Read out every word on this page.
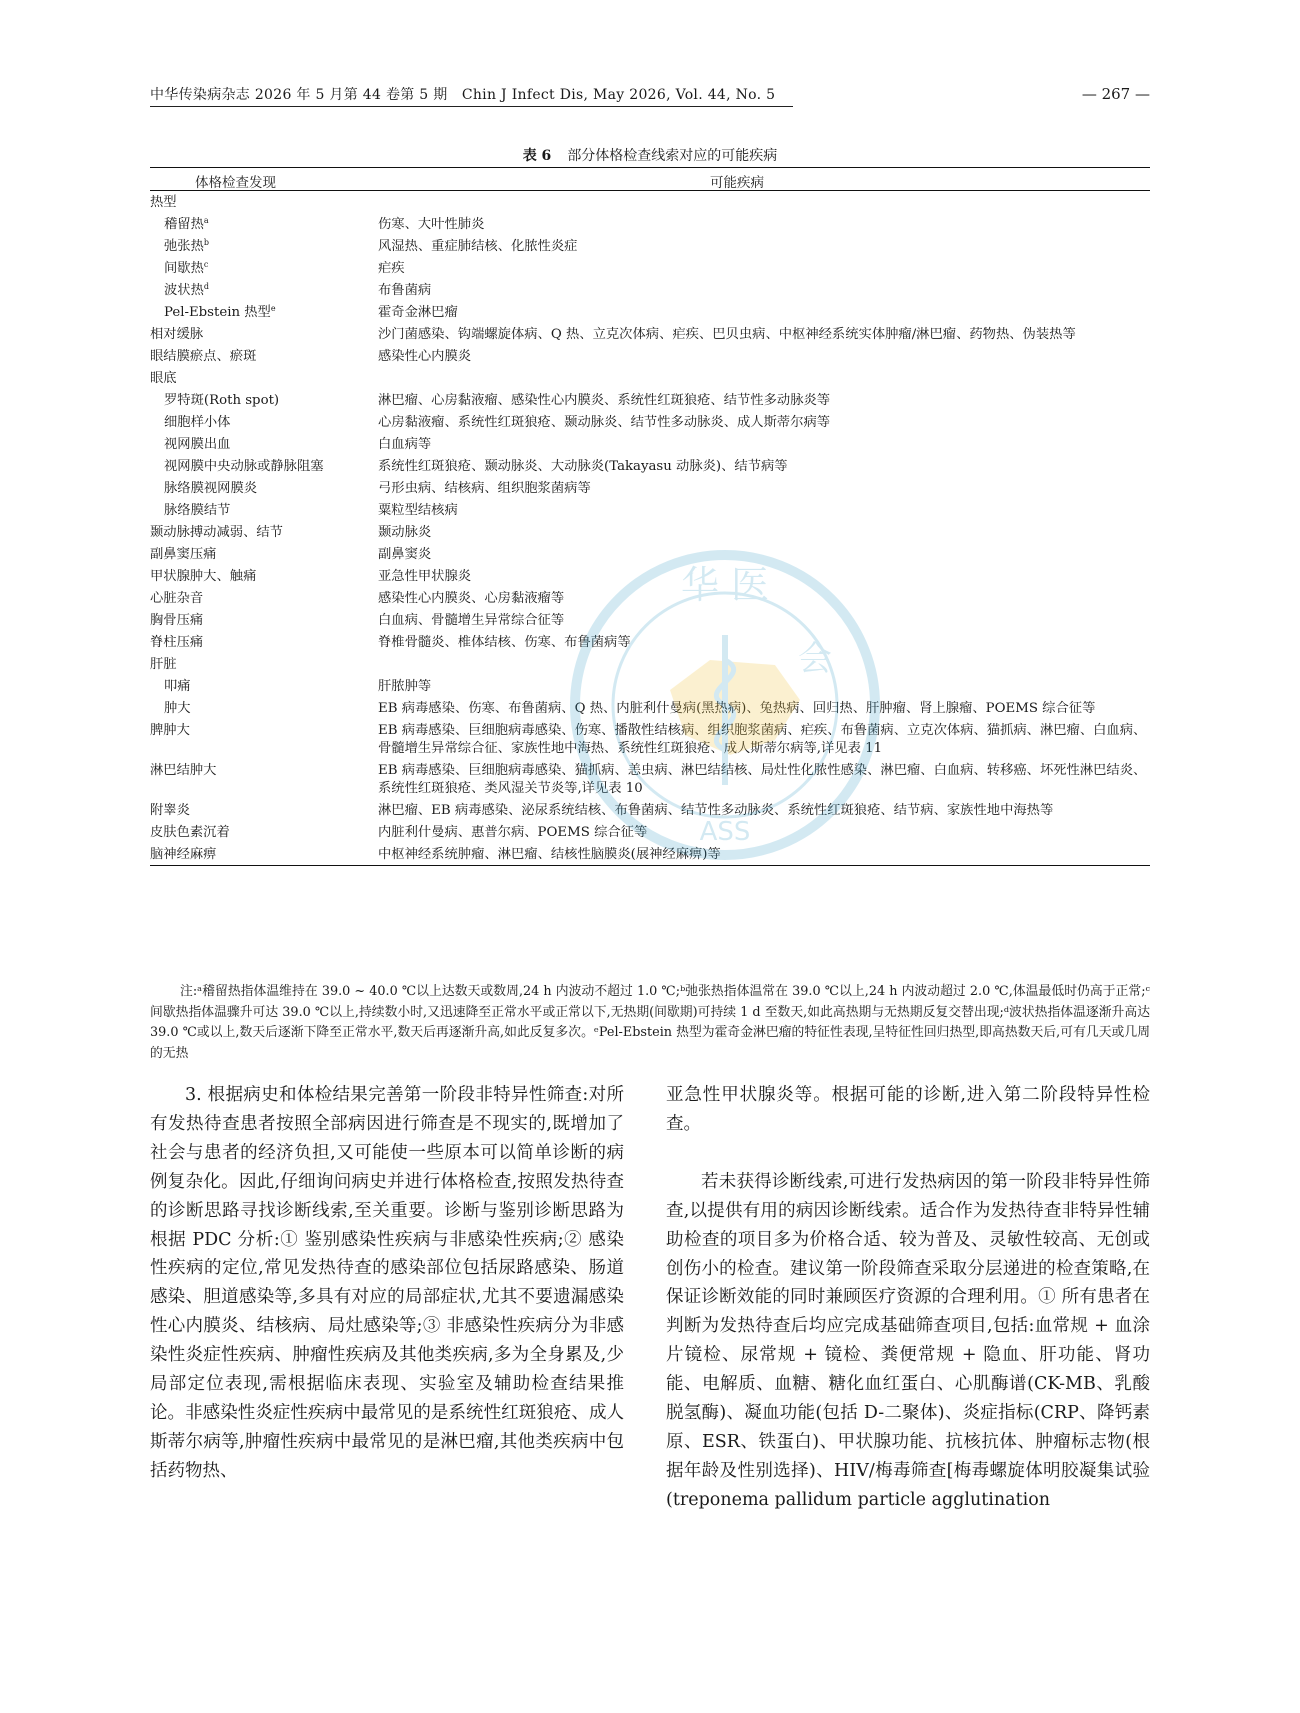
中华传染病杂志 2026 年 5 月第 44 卷第 5 期　Chin J Infect Dis, May 2026, Vol. 44, No. 5	— 267 —
表 6 部分体格检查线索对应的可能疾病
体格检查发现	可能疾病
热型
稽留热$^a$	伤寒、大叶性肺炎
弛张热$^b$	风湿热、重症肺结核、化脓性炎症
间歇热$^c$	疟疾
波状热$^d$	布鲁菌病
Pel-Ebstein 热型$^e$	霍奇金淋巴瘤
相对缓脉	沙门菌感染、钩端螺旋体病、Q 热、立克次体病、疟疾、巴贝虫病、中枢神经系统实体肿瘤/淋巴瘤、药物热、伪装热等
眼结膜瘀点、瘀斑	感染性心内膜炎
眼底
罗特斑(Roth spot)	淋巴瘤、心房黏液瘤、感染性心内膜炎、系统性红斑狼疮、结节性多动脉炎等
细胞样小体	心房黏液瘤、系统性红斑狼疮、颞动脉炎、结节性多动脉炎、成人斯蒂尔病等
视网膜出血	白血病等
视网膜中央动脉或静脉阻塞	系统性红斑狼疮、颞动脉炎、大动脉炎(Takayasu 动脉炎)、结节病等
脉络膜视网膜炎	弓形虫病、结核病、组织胞浆菌病等
脉络膜结节	粟粒型结核病
颞动脉搏动减弱、结节	颞动脉炎
副鼻窦压痛	副鼻窦炎
甲状腺肿大、触痛	亚急性甲状腺炎
心脏杂音	感染性心内膜炎、心房黏液瘤等
胸骨压痛	白血病、骨髓增生异常综合征等
脊柱压痛	脊椎骨髓炎、椎体结核、伤寒、布鲁菌病等
肝脏
叩痛	肝脓肿等
肿大	EB 病毒感染、伤寒、布鲁菌病、Q 热、内脏利什曼病(黑热病)、兔热病、回归热、肝肿瘤、肾上腺瘤、POEMS 综合征等
脾肿大	EB 病毒感染、巨细胞病毒感染、伤寒、播散性结核病、组织胞浆菌病、疟疾、布鲁菌病、立克次体病、猫抓病、淋巴瘤、白血病、骨髓增生异常综合征、家族性地中海热、系统性红斑狼疮、成人斯蒂尔病等,详见表 11
淋巴结肿大	EB 病毒感染、巨细胞病毒感染、猫抓病、恙虫病、淋巴结结核、局灶性化脓性感染、淋巴瘤、白血病、转移癌、坏死性淋巴结炎、系统性红斑狼疮、类风湿关节炎等,详见表 10
附睾炎	淋巴瘤、EB 病毒感染、泌尿系统结核、布鲁菌病、结节性多动脉炎、系统性红斑狼疮、结节病、家族性地中海热等
皮肤色素沉着	内脏利什曼病、惠普尔病、POEMS 综合征等
脑神经麻痹	中枢神经系统肿瘤、淋巴瘤、结核性脑膜炎(展神经麻痹)等
注:ᵃ稽留热指体温维持在 39.0 ~ 40.0 ℃以上达数天或数周,24 h 内波动不超过 1.0 ℃;ᵇ弛张热指体温常在 39.0 ℃以上,24 h 内波动超过 2.0 ℃,体温最低时仍高于正常;ᶜ间歇热指体温骤升可达 39.0 ℃以上,持续数小时,又迅速降至正常水平或正常以下,无热期(间歇期)可持续 1 d 至数天,如此高热期与无热期反复交替出现;ᵈ波状热指体温逐渐升高达 39.0 ℃或以上,数天后逐渐下降至正常水平,数天后再逐渐升高,如此反复多次。ᵉPel-Ebstein 热型为霍奇金淋巴瘤的特征性表现,呈特征性回归热型,即高热数天后,可有几天或几周的无热

3. 根据病史和体检结果完善第一阶段非特异性筛查:对所有发热待查患者按照全部病因进行筛查是不现实的,既增加了社会与患者的经济负担,又可能使一些原本可以简单诊断的病例复杂化。因此,仔细询问病史并进行体格检查,按照发热待查的诊断思路寻找诊断线索,至关重要。诊断与鉴别诊断思路为根据 PDC 分析:① 鉴别感染性疾病与非感染性疾病;② 感染性疾病的定位,常见发热待查的感染部位包括尿路感染、肠道感染、胆道感染等,多具有对应的局部症状,尤其不要遗漏感染性心内膜炎、结核病、局灶感染等;③ 非感染性疾病分为非感染性炎症性疾病、肿瘤性疾病及其他类疾病,多为全身累及,少局部定位表现,需根据临床表现、实验室及辅助检查结果推论。非感染性炎症性疾病中最常见的是系统性红斑狼疮、成人斯蒂尔病等,肿瘤性疾病中最常见的是淋巴瘤,其他类疾病中包括药物热、

亚急性甲状腺炎等。根据可能的诊断,进入第二阶段特异性检查。

若未获得诊断线索,可进行发热病因的第一阶段非特异性筛查,以提供有用的病因诊断线索。适合作为发热待查非特异性辅助检查的项目多为价格合适、较为普及、灵敏性较高、无创或创伤小的检查。建议第一阶段筛查采取分层递进的检查策略,在保证诊断效能的同时兼顾医疗资源的合理利用。① 所有患者在判断为发热待查后均应完成基础筛查项目,包括:血常规 + 血涂片镜检、尿常规 + 镜检、粪便常规 + 隐血、肝功能、肾功能、电解质、血糖、糖化血红蛋白、心肌酶谱(CK-MB、乳酸脱氢酶)、凝血功能(包括 D-二聚体)、炎症指标(CRP、降钙素原、ESR、铁蛋白)、甲状腺功能、抗核抗体、肿瘤标志物(根据年龄及性别选择)、HIV/梅毒筛查[梅毒螺旋体明胶凝集试验(treponema pallidum particle agglutination

华 医
会
ASS
